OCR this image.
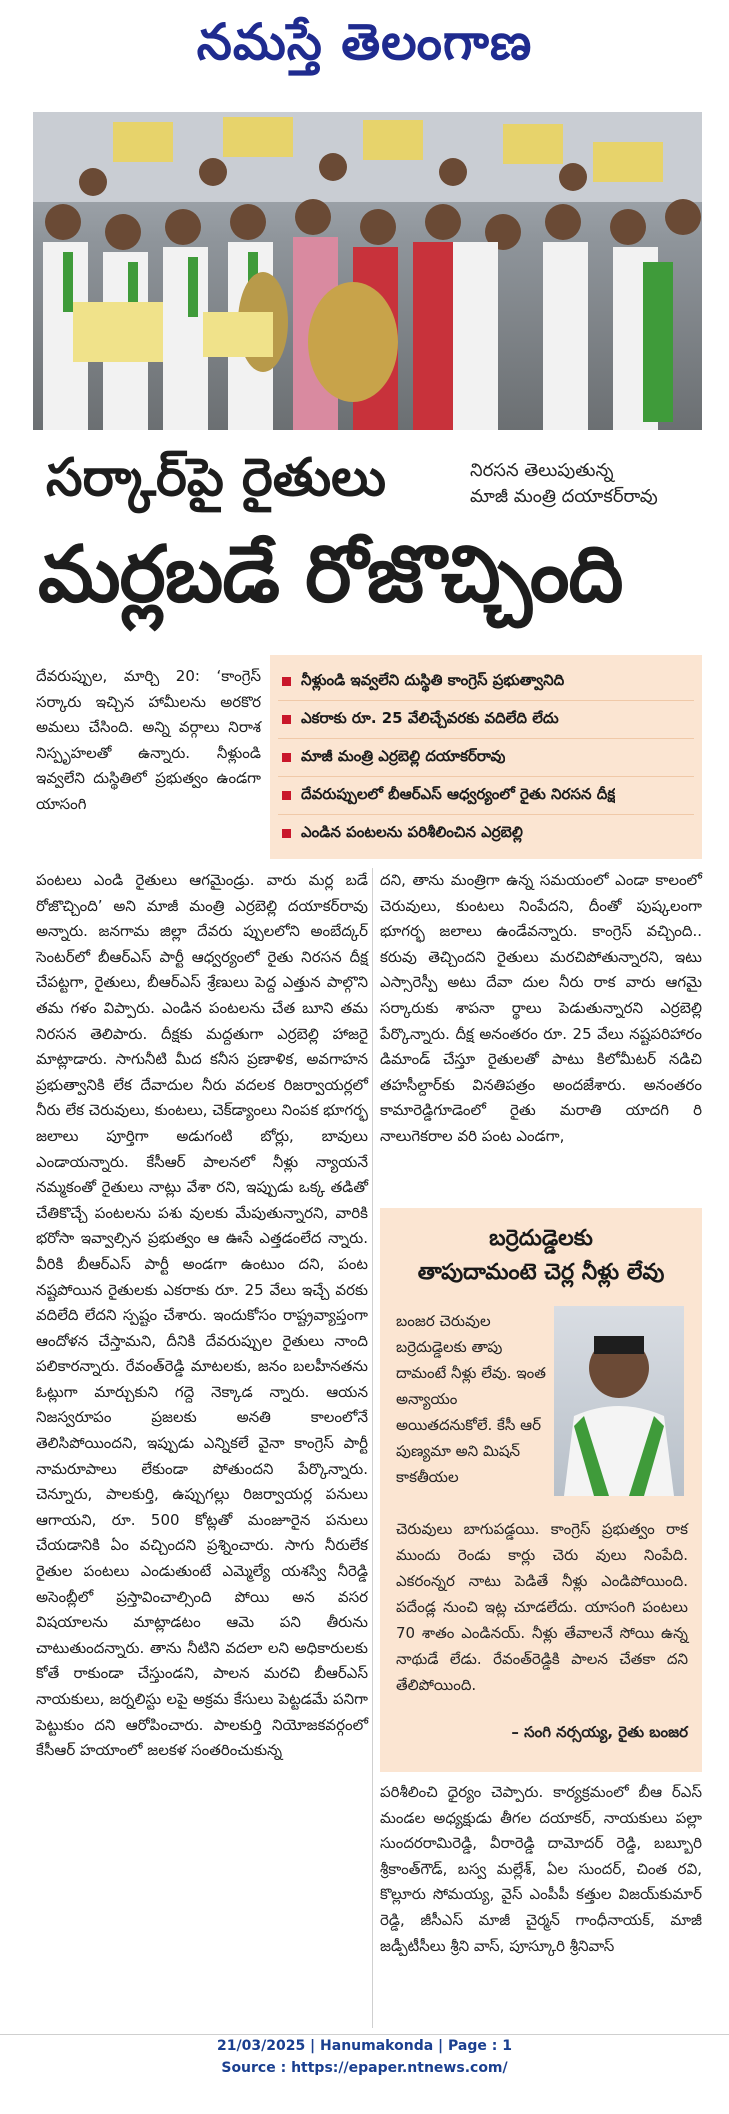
నమస్తే తెలంగాణ
నిరసన తెలుపుతున్న
మాజీ మంత్రి దయాకర్‌రావు
సర్కార్‌పై రైతులు
మర్లబడే రోజొచ్చింది

దేవరుప్పుల, మార్చి 20: ‘కాంగ్రెస్ సర్కారు ఇచ్చిన హామీలను అరకొర అమలు చేసింది. అన్ని వర్గాలు నిరాశ నిస్పృహలతో ఉన్నారు. నీళ్లుండి ఇవ్వలేని దుస్థితిలో ప్రభుత్వం ఉండగా యాసంగి

నీళ్లుండి ఇవ్వలేని దుస్థితి కాంగ్రెస్ ప్రభుత్వానిది
ఎకరాకు రూ. 25 వేలిచ్చేవరకు వదిలేది లేదు
మాజీ మంత్రి ఎర్రబెల్లి దయాకర్‌రావు
దేవరుప్పులలో బీఆర్‌ఎస్ ఆధ్వర్యంలో రైతు నిరసన దీక్ష
ఎండిన పంటలను పరిశీలించిన ఎర్రబెల్లి

పంటలు ఎండి రైతులు ఆగమైండ్రు. వారు మర్ల బడే రోజొచ్చింది’ అని మాజీ మంత్రి ఎర్రబెల్లి దయాకర్‌రావు అన్నారు. జనగామ జిల్లా దేవరు ప్పులలోని అంబేద్కర్ సెంటర్‌లో బీఆర్‌ఎస్ పార్టీ ఆధ్వర్యంలో రైతు నిరసన దీక్ష చేపట్టగా, రైతులు, బీఆర్‌ఎస్ శ్రేణులు పెద్ద ఎత్తున పాల్గొని తమ గళం విప్పారు. ఎండిన పంటలను చేత బూని తమ నిరసన తెలిపారు. దీక్షకు మద్దతుగా ఎర్రబెల్లి హాజరై మాట్లాడారు. సాగునీటి మీద కనీస ప్రణాళిక, అవగాహన ప్రభుత్వానికి లేక దేవాదుల నీరు వదలక రిజర్వాయర్లలో నీరు లేక చెరువులు, కుంటలు, చెక్‌డ్యాంలు నింపక భూగర్భ జలాలు పూర్తిగా అడుగంటి బోర్లు, బావులు ఎండాయన్నారు. కేసీఆర్ పాలనలో నీళ్లు న్యాయనే నమ్మకంతో రైతులు నాట్లు వేశా రని, ఇప్పుడు ఒక్క తడితో చేతికొచ్చే పంటలను పశు వులకు మేపుతున్నారని, వారికి భరోసా ఇవ్వాల్సిన ప్రభుత్వం ఆ ఊసే ఎత్తడంలేద న్నారు. వీరికి బీఆర్‌ఎస్ పార్టీ అండగా ఉంటుం దని, పంట నష్టపోయిన రైతులకు ఎకరాకు రూ. 25 వేలు ఇచ్చే వరకు వదిలేది లేదని స్పష్టం చేశారు. ఇందుకోసం రాష్ట్రవ్యాప్తంగా ఆందోళన చేస్తామని, దీనికి దేవరుప్పుల రైతులు నాంది పలికారన్నారు. రేవంత్‌రెడ్డి మాటలకు, జనం బలహీనతను ఓట్లుగా మార్చుకుని గద్దె నెక్కాడ న్నారు. ఆయన నిజస్వరూపం ప్రజలకు అనతి కాలంలోనే తెలిసిపోయిందని, ఇప్పుడు ఎన్నికలే వైనా కాంగ్రెస్ పార్టీ నామరూపాలు లేకుండా పోతుందని పేర్కొన్నారు. చెన్నూరు, పాలకుర్తి, ఉప్పుగల్లు రిజర్వాయర్ల పనులు ఆగాయని, రూ. 500 కోట్లతో మంజూరైన పనులు చేయడానికి ఏం వచ్చిందని ప్రశ్నించారు. సాగు నీరులేక రైతుల పంటలు ఎండుతుంటే ఎమ్మెల్యే యశస్వి నీరెడ్డి అసెంబ్లీలో ప్రస్తావించాల్సింది పోయి అన వసర విషయాలను మాట్లాడటం ఆమె పని తీరును చాటుతుందన్నారు. తాను నీటిని వదలా లని అధికారులకు కోతే రాకుండా చేస్తుండని, పాలన మరచి బీఆర్‌ఎస్ నాయకులు, జర్నలిస్టు లపై అక్రమ కేసులు పెట్టడమే పనిగా పెట్టుకుం దని ఆరోపించారు. పాలకుర్తి నియోజకవర్గంలో కేసీఆర్ హయాంలో జలకళ సంతరించుకున్న

దని, తాను మంత్రిగా ఉన్న సమయంలో ఎండా కాలంలో చెరువులు, కుంటలు నింపేదని, దీంతో పుష్కలంగా భూగర్భ జలాలు ఉండేవన్నారు. కాంగ్రెస్ వచ్చింది.. కరువు తెచ్చిందని రైతులు మరచిపోతున్నారని, ఇటు ఎస్సారెస్పీ అటు దేవా దుల నీరు రాక వారు ఆగమై సర్కారుకు శాపనా ర్థాలు పెడుతున్నారని ఎర్రబెల్లి పేర్కొన్నారు. దీక్ష అనంతరం రూ. 25 వేలు నష్టపరిహారం డిమాండ్ చేస్తూ రైతులతో పాటు కిలోమీటర్ నడిచి తహసీల్దార్‌కు వినతిపత్రం అందజేశారు. అనంతరం కామారెడ్డిగూడెంలో రైతు మరాతి యాదగి రి నాలుగెకరాల వరి పంట ఎండగా,

బర్రెదుడ్డెలకు
తాపుదామంటె చెర్ల నీళ్లు లేవు
బంజర చెరువుల బర్రెదుడ్డెలకు తాపు దామంటే నీళ్లు లేవు. ఇంత అన్యాయం అయితదనుకోలే. కేసీ ఆర్ పుణ్యమా అని మిషన్ కాకతీయల
చెరువులు బాగుపడ్డయి. కాంగ్రెస్ ప్రభుత్వం రాక ముందు రెండు కార్లు చెరు వులు నింపేది. ఎకరంన్నర నాటు పెడితే నీళ్లు ఎండిపోయింది. పదేండ్ల నుంచి ఇట్ల చూడలేదు. యాసంగి పంటలు 70 శాతం ఎండినయ్. నీళ్లు తేవాలనే సోయి ఉన్న నాథుడే లేడు. రేవంత్‌రెడ్డికి పాలన చేతకా దని తేలిపోయింది.
– సంగి నర్సయ్య, రైతు బంజర

పరిశీలించి ధైర్యం చెప్పారు. కార్యక్రమంలో బీఆ ర్‌ఎస్ మండల అధ్యక్షుడు తీగల దయాకర్, నాయకులు పల్లా సుందరరామిరెడ్డి, వీరారెడ్డి దామోదర్ రెడ్డి, బబ్బూరి శ్రీకాంత్‌గౌడ్, బస్వ మల్లేశ్, ఏల సుందర్, చింత రవి, కొల్లూరు సోమయ్య, వైస్ ఎంపీపీ కత్తుల విజయ్‌కుమార్ రెడ్డి, జీసీఎస్ మాజీ చైర్మన్ గాంధీనాయక్, మాజీ జడ్పీటీసీలు శ్రీని వాస్, పూస్కూరి శ్రీనివాస్

21/03/2025 | Hanumakonda | Page : 1
Source : https://epaper.ntnews.com/
